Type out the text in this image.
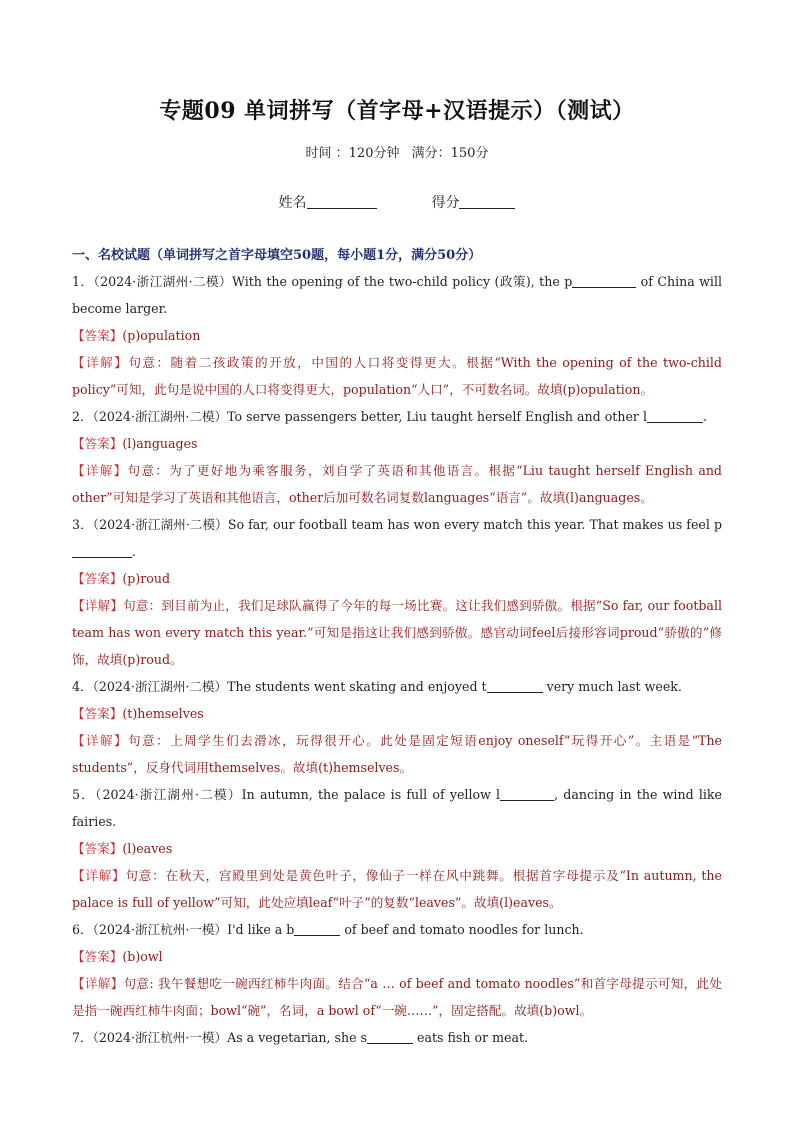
专题09 单词拼写（首字母+汉语提示）（测试）
时间 ：120分钟 满分：150分
姓名	得分
一、名校试题（单词拼写之首字母填空50题，每小题1分，满分50分）
1．（2024·浙江湖州·二模）With the opening of the two-child policy (政策), the p	of China will become larger.
【答案】(p)opulation
【详解】句意：随着二孩政策的开放，中国的人口将变得更大。根据“With the opening of the two-child policy”可知，此句是说中国的人口将变得更大，population“人口”，不可数名词。故填(p)opulation。
2．（2024·浙江湖州·二模）To serve passengers better, Liu taught herself English and other l	.
【答案】(l)anguages
【详解】句意：为了更好地为乘客服务，刘自学了英语和其他语言。根据“Liu taught herself English and other”可知是学习了英语和其他语言，other后加可数名词复数languages“语言”。故填(l)anguages。
3．（2024·浙江湖州·二模）So far, our football team has won every match this year. That makes us feel p.
【答案】(p)roud
【详解】句意：到目前为止，我们足球队赢得了今年的每一场比赛。这让我们感到骄傲。根据“So far, our football team has won every match this year.”可知是指这让我们感到骄傲。感官动词feel后接形容词proud“骄傲的”修饰，故填(p)roud。
4．（2024·浙江湖州·二模）The students went skating and enjoyed t	very much last week.
【答案】(t)hemselves
【详解】句意：上周学生们去滑冰，玩得很开心。此处是固定短语enjoy oneself“玩得开心”。主语是“The students”，反身代词用themselves。故填(t)hemselves。
5．（2024·浙江湖州·二模）In autumn, the palace is full of yellow l	, dancing in the wind like fairies.
【答案】(l)eaves
【详解】句意：在秋天，宫殿里到处是黄色叶子，像仙子一样在风中跳舞。根据首字母提示及“In autumn, the palace is full of yellow”可知，此处应填leaf“叶子”的复数“leaves”。故填(l)eaves。
6．（2024·浙江杭州·一模）I'd like a b	of beef and tomato noodles for lunch.
【答案】(b)owl
【详解】句意: 我午餐想吃一碗西红柿牛肉面。结合“a … of beef and tomato noodles”和首字母提示可知，此处是指一碗西红柿牛肉面；bowl“碗”，名词，a bowl of“一碗……”，固定搭配。故填(b)owl。
7．（2024·浙江杭州·一模）As a vegetarian, she s	eats fish or meat.
